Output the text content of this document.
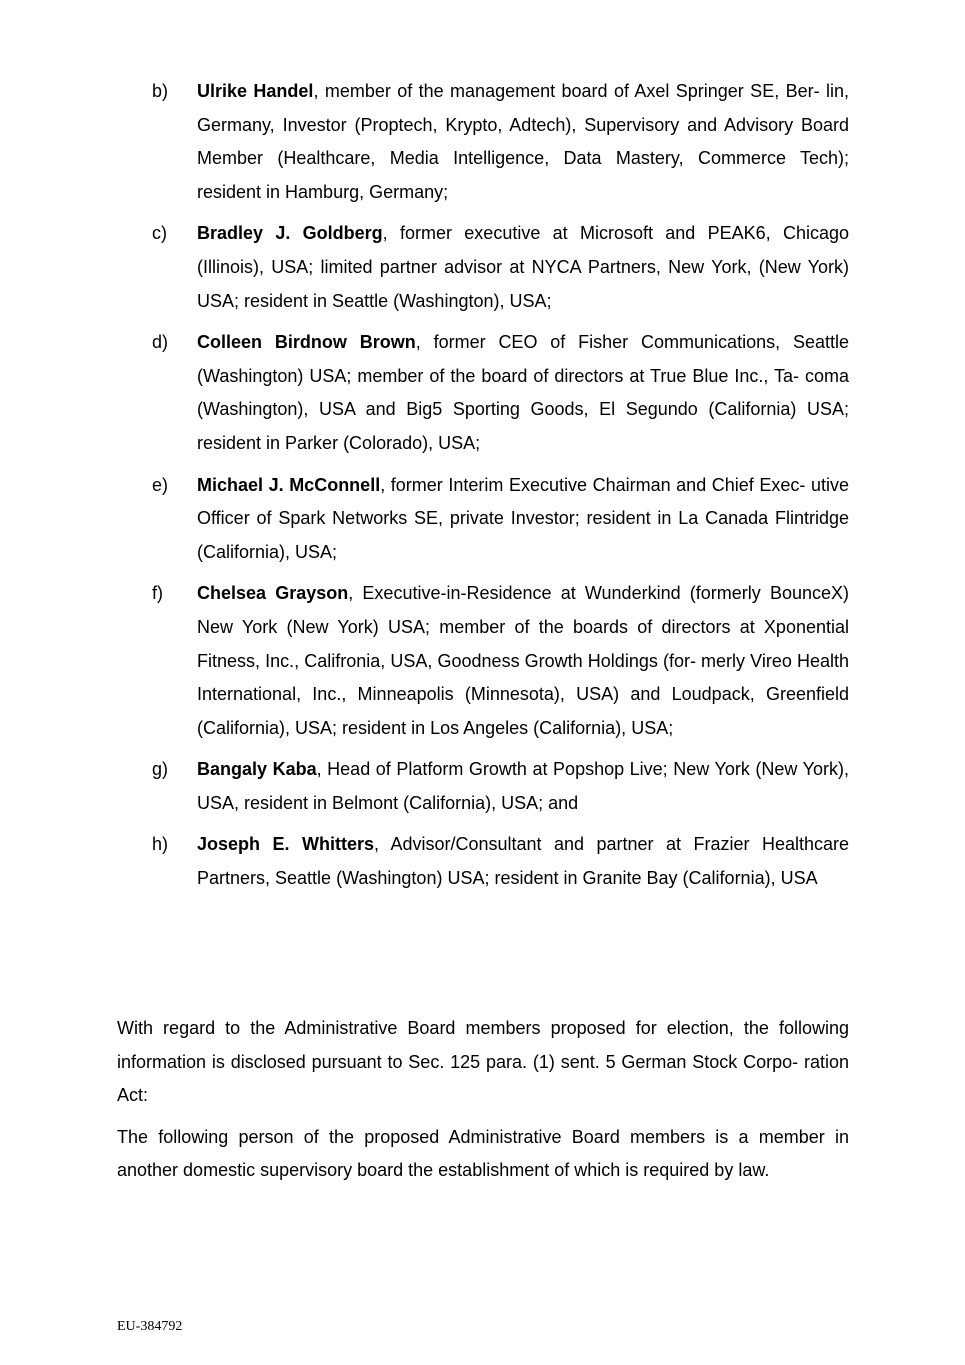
b)	Ulrike Handel, member of the management board of Axel Springer SE, Ber- lin, Germany, Investor (Proptech, Krypto, Adtech), Supervisory and Advisory Board Member (Healthcare, Media Intelligence, Data Mastery, Commerce Tech); resident in Hamburg, Germany;
c)	Bradley J. Goldberg, former executive at Microsoft and PEAK6, Chicago (Illinois), USA; limited partner advisor at NYCA Partners, New York, (New York) USA; resident in Seattle (Washington), USA;
d)	Colleen Birdnow Brown, former CEO of Fisher Communications, Seattle (Washington) USA; member of the board of directors at True Blue Inc., Ta- coma (Washington), USA and Big5 Sporting Goods, El Segundo (California) USA; resident in Parker (Colorado), USA;
e)	Michael J. McConnell, former Interim Executive Chairman and Chief Exec- utive Officer of Spark Networks SE, private Investor; resident in La Canada Flintridge (California), USA;
f)	Chelsea Grayson, Executive-in-Residence at Wunderkind (formerly BounceX) New York (New York) USA; member of the boards of directors at Xponential Fitness, Inc., Califronia, USA, Goodness Growth Holdings (for- merly Vireo Health International, Inc., Minneapolis (Minnesota), USA) and Loudpack, Greenfield (California), USA; resident in Los Angeles (California), USA;
g)	Bangaly Kaba, Head of Platform Growth at Popshop Live; New York (New York), USA, resident in Belmont (California), USA; and
h)	Joseph E. Whitters, Advisor/Consultant and partner at Frazier Healthcare Partners, Seattle (Washington) USA; resident in Granite Bay (California), USA

With regard to the Administrative Board members proposed for election, the following information is disclosed pursuant to Sec. 125 para. (1) sent. 5 German Stock Corpo- ration Act:

The following person of the proposed Administrative Board members is a member in another domestic supervisory board the establishment of which is required by law.

EU-384792
